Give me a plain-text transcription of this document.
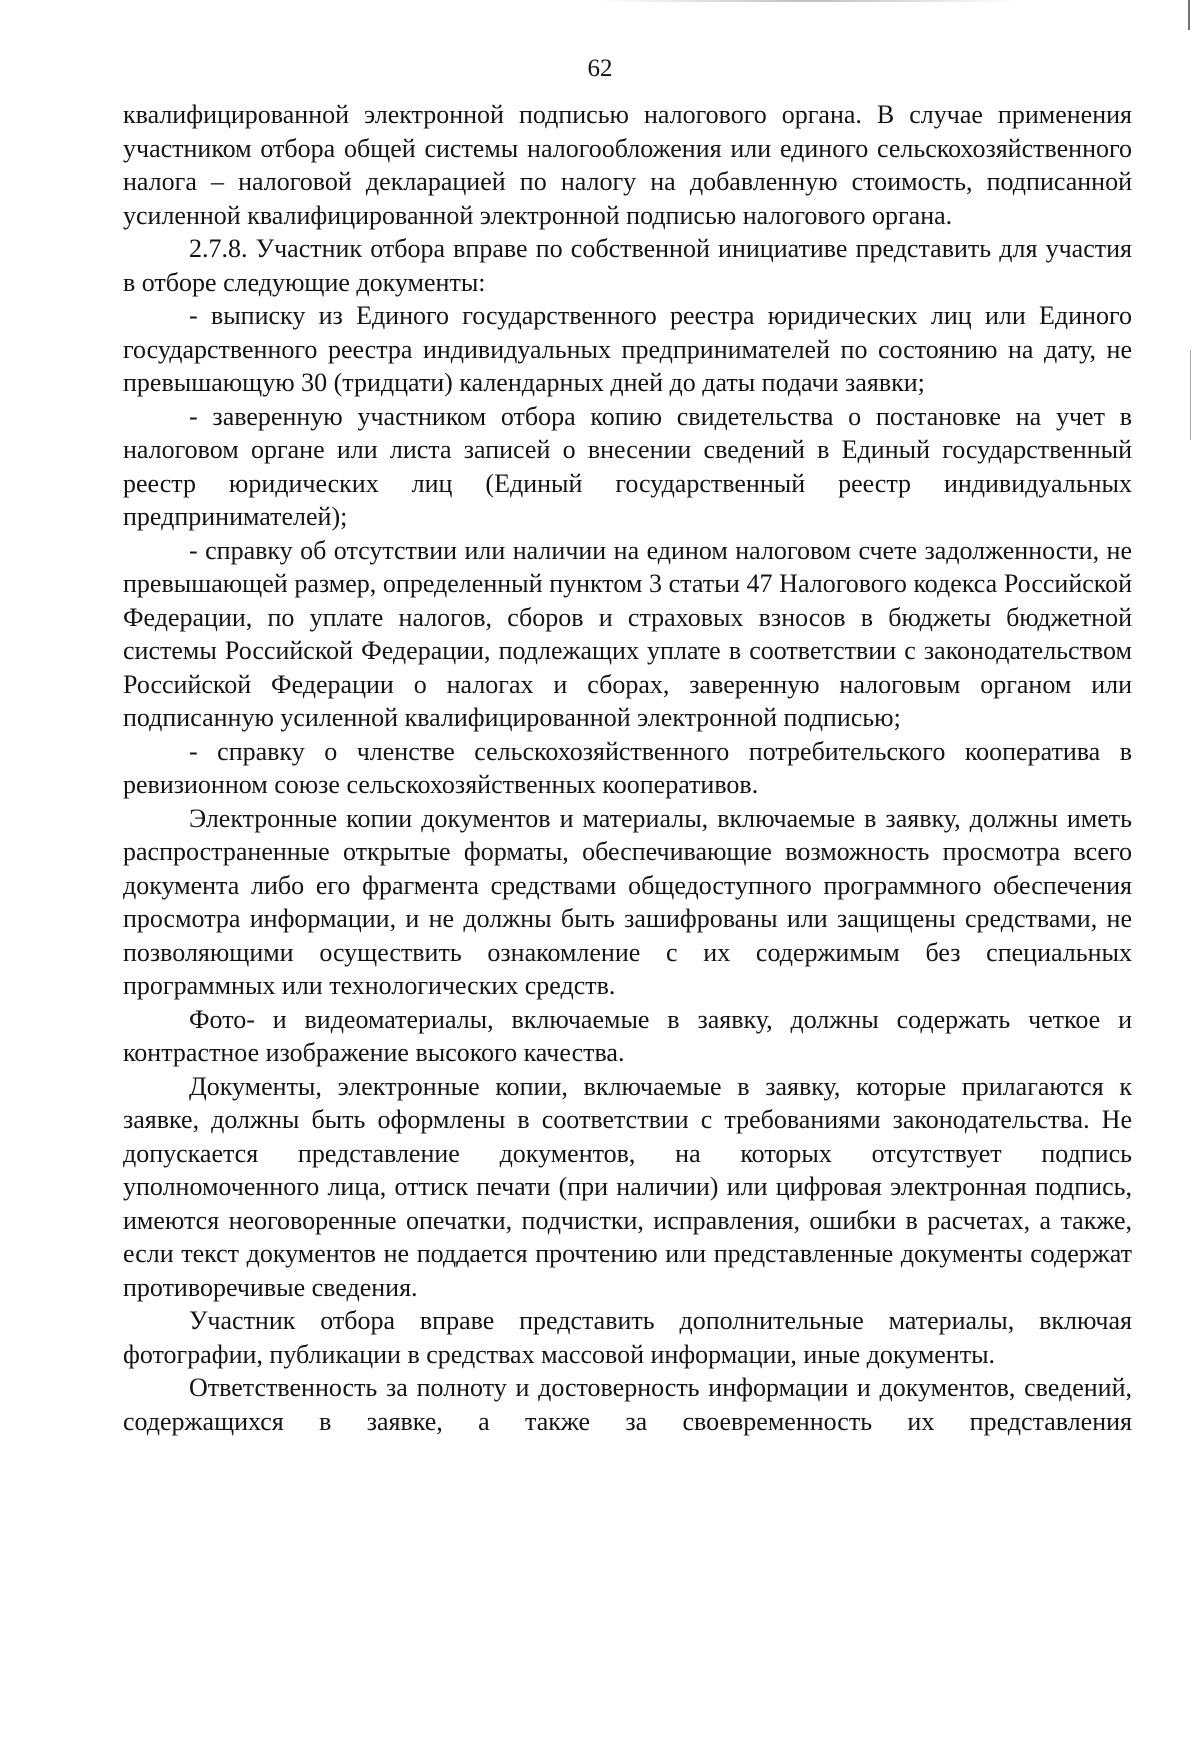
62

квалифицированной электронной подписью налогового органа. В случае применения участником отбора общей системы налогообложения или единого сельскохозяйственного налога – налоговой декларацией по налогу на добавленную стоимость, подписанной усиленной квалифицированной электронной подписью налогового органа.

2.7.8. Участник отбора вправе по собственной инициативе представить для участия в отборе следующие документы:

- выписку из Единого государственного реестра юридических лиц или Единого государственного реестра индивидуальных предпринимателей по состоянию на дату, не превышающую 30 (тридцати) календарных дней до даты подачи заявки;

- заверенную участником отбора копию свидетельства о постановке на учет в налоговом органе или листа записей о внесении сведений в Единый государственный реестр юридических лиц (Единый государственный реестр индивидуальных предпринимателей);

- справку об отсутствии или наличии на едином налоговом счете задолженности, не превышающей размер, определенный пунктом 3 статьи 47 Налогового кодекса Российской Федерации, по уплате налогов, сборов и страховых взносов в бюджеты бюджетной системы Российской Федерации, подлежащих уплате в соответствии с законодательством Российской Федерации о налогах и сборах, заверенную налоговым органом или подписанную усиленной квалифицированной электронной подписью;

- справку о членстве сельскохозяйственного потребительского кооператива в ревизионном союзе сельскохозяйственных кооперативов.

Электронные копии документов и материалы, включаемые в заявку, должны иметь распространенные открытые форматы, обеспечивающие возможность просмотра всего документа либо его фрагмента средствами общедоступного программного обеспечения просмотра информации, и не должны быть зашифрованы или защищены средствами, не позволяющими осуществить ознакомление с их содержимым без специальных программных или технологических средств.

Фото- и видеоматериалы, включаемые в заявку, должны содержать четкое и контрастное изображение высокого качества.

Документы, электронные копии, включаемые в заявку, которые прилагаются к заявке, должны быть оформлены в соответствии с требованиями законодательства. Не допускается представление документов, на которых отсутствует подпись уполномоченного лица, оттиск печати (при наличии) или цифровая электронная подпись, имеются неоговоренные опечатки, подчистки, исправления, ошибки в расчетах, а также, если текст документов не поддается прочтению или представленные документы содержат противоречивые сведения.

Участник отбора вправе представить дополнительные материалы, включая фотографии, публикации в средствах массовой информации, иные документы.

Ответственность за полноту и достоверность информации и документов, сведений, содержащихся в заявке, а также за своевременность их представления
